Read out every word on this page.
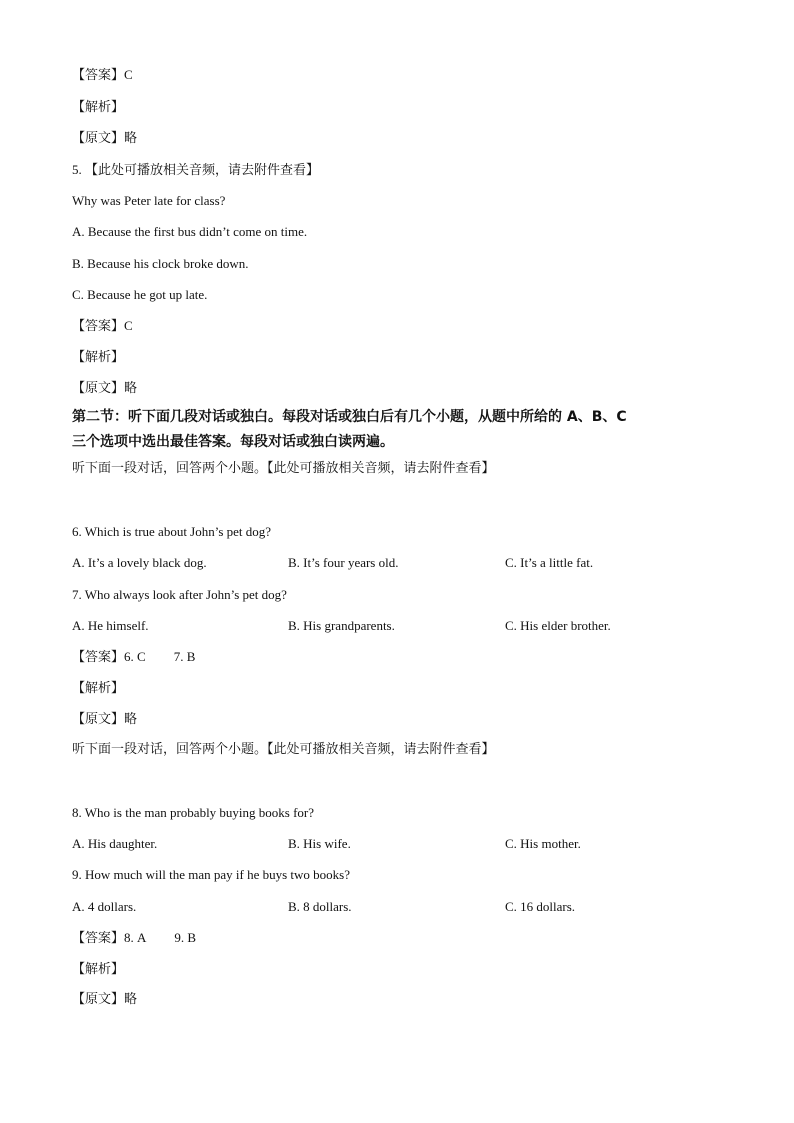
【答案】C
【解析】
【原文】略
5. 【此处可播放相关音频，请去附件查看】
Why was Peter late for class?
A. Because the first bus didn’t come on time.
B. Because his clock broke down.
C. Because he got up late.
【答案】C
【解析】
【原文】略
第二节：听下面几段对话或独白。每段对话或独白后有几个小题，从题中所给的 A、B、C
三个选项中选出最佳答案。每段对话或独白读两遍。
听下面一段对话，回答两个小题。【此处可播放相关音频，请去附件查看】
6. Which is true about John’s pet dog?
A. It’s a lovely black dog.	B. It’s four years old.	C. It’s a little fat.
7. Who always look after John’s pet dog?
A. He himself.	B. His grandparents.	C. His elder brother.
【答案】6. C 7. B
【解析】
【原文】略
听下面一段对话，回答两个小题。【此处可播放相关音频，请去附件查看】
8. Who is the man probably buying books for?
A. His daughter.	B. His wife.	C. His mother.
9. How much will the man pay if he buys two books?
A. 4 dollars.	B. 8 dollars.	C. 16 dollars.
【答案】8. A 9. B
【解析】
【原文】略
